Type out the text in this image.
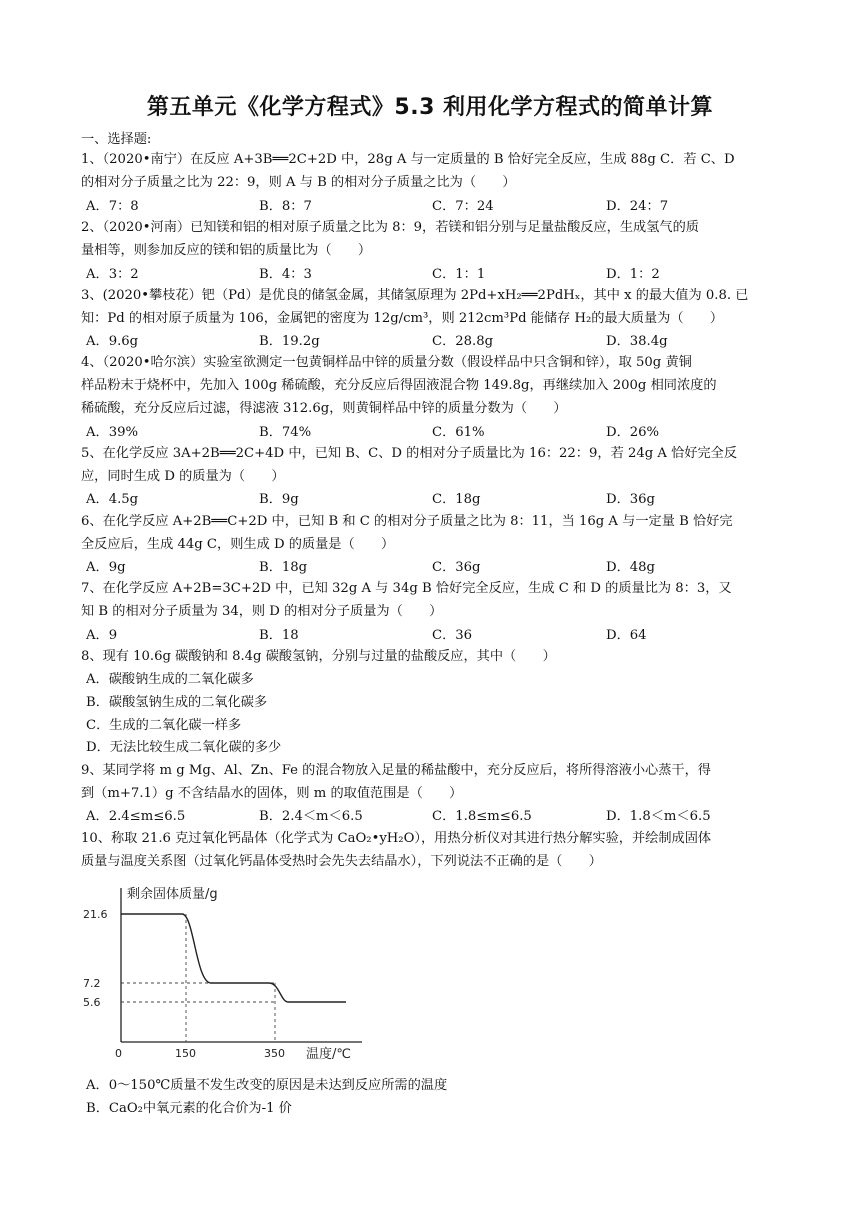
第五单元《化学方程式》5.3 利用化学方程式的简单计算
一、选择题:
1、（2020•南宁）在反应 A+3B══2C+2D 中，28g A 与一定质量的 B 恰好完全反应，生成 88g C．若 C、D
的相对分子质量之比为 22：9，则 A 与 B 的相对分子质量之比为（　　）
A．7：8	B．8：7	C．7：24	D．24：7
2、（2020•河南）已知镁和铝的相对原子质量之比为 8：9，若镁和铝分别与足量盐酸反应，生成氢气的质
量相等，则参加反应的镁和铝的质量比为（　　）
A．3：2	B．4：3	C．1：1	D．1：2
3、(2020•攀枝花）钯（Pd）是优良的储氢金属，其储氢原理为 2Pd+xH₂══2PdHₓ，其中 x 的最大值为 0.8. 已
知：Pd 的相对原子质量为 106，金属钯的密度为 12g/cm³，则 212cm³Pd 能储存 H₂的最大质量为（　　）
A．9.6g	B．19.2g	C．28.8g	D．38.4g
4、（2020•哈尔滨）实验室欲测定一包黄铜样品中锌的质量分数（假设样品中只含铜和锌），取 50g 黄铜
样品粉末于烧杯中，先加入 100g 稀硫酸，充分反应后得固液混合物 149.8g，再继续加入 200g 相同浓度的
稀硫酸，充分反应后过滤，得滤液 312.6g，则黄铜样品中锌的质量分数为（　　）
A．39%	B．74%	C．61%	D．26%
5、在化学反应 3A+2B══2C+4D 中，已知 B、C、D 的相对分子质量比为 16：22：9，若 24g A 恰好完全反
应，同时生成 D 的质量为（　　）
A．4.5g	B．9g	C．18g	D．36g
6、在化学反应 A+2B══C+2D 中，已知 B 和 C 的相对分子质量之比为 8：11，当 16g A 与一定量 B 恰好完
全反应后，生成 44g C，则生成 D 的质量是（　　）
A．9g	B．18g	C．36g	D．48g
7、在化学反应 A+2B=3C+2D 中，已知 32g A 与 34g B 恰好完全反应，生成 C 和 D 的质量比为 8：3，又
知 B 的相对分子质量为 34，则 D 的相对分子质量为（　　）
A．9	B．18	C．36	D．64
8、现有 10.6g 碳酸钠和 8.4g 碳酸氢钠，分别与过量的盐酸反应，其中（　　）
A．碳酸钠生成的二氧化碳多
B．碳酸氢钠生成的二氧化碳多
C．生成的二氧化碳一样多
D．无法比较生成二氧化碳的多少
9、某同学将 m g Mg、Al、Zn、Fe 的混合物放入足量的稀盐酸中，充分反应后，将所得溶液小心蒸干，得
到（m+7.1）g 不含结晶水的固体，则 m 的取值范围是（　　）
A．2.4≤m≤6.5	B．2.4＜m＜6.5	C．1.8≤m≤6.5	D．1.8＜m＜6.5
10、称取 21.6 克过氧化钙晶体（化学式为 CaO₂•yH₂O），用热分析仪对其进行热分解实验，并绘制成固体
质量与温度关系图（过氧化钙晶体受热时会先失去结晶水），下列说法不正确的是（　　）
剩余固体质量/g
温度/℃
21.6
7.2
5.6
0	150	350
A．0～150℃质量不发生改变的原因是未达到反应所需的温度
B．CaO₂中氧元素的化合价为-1 价
